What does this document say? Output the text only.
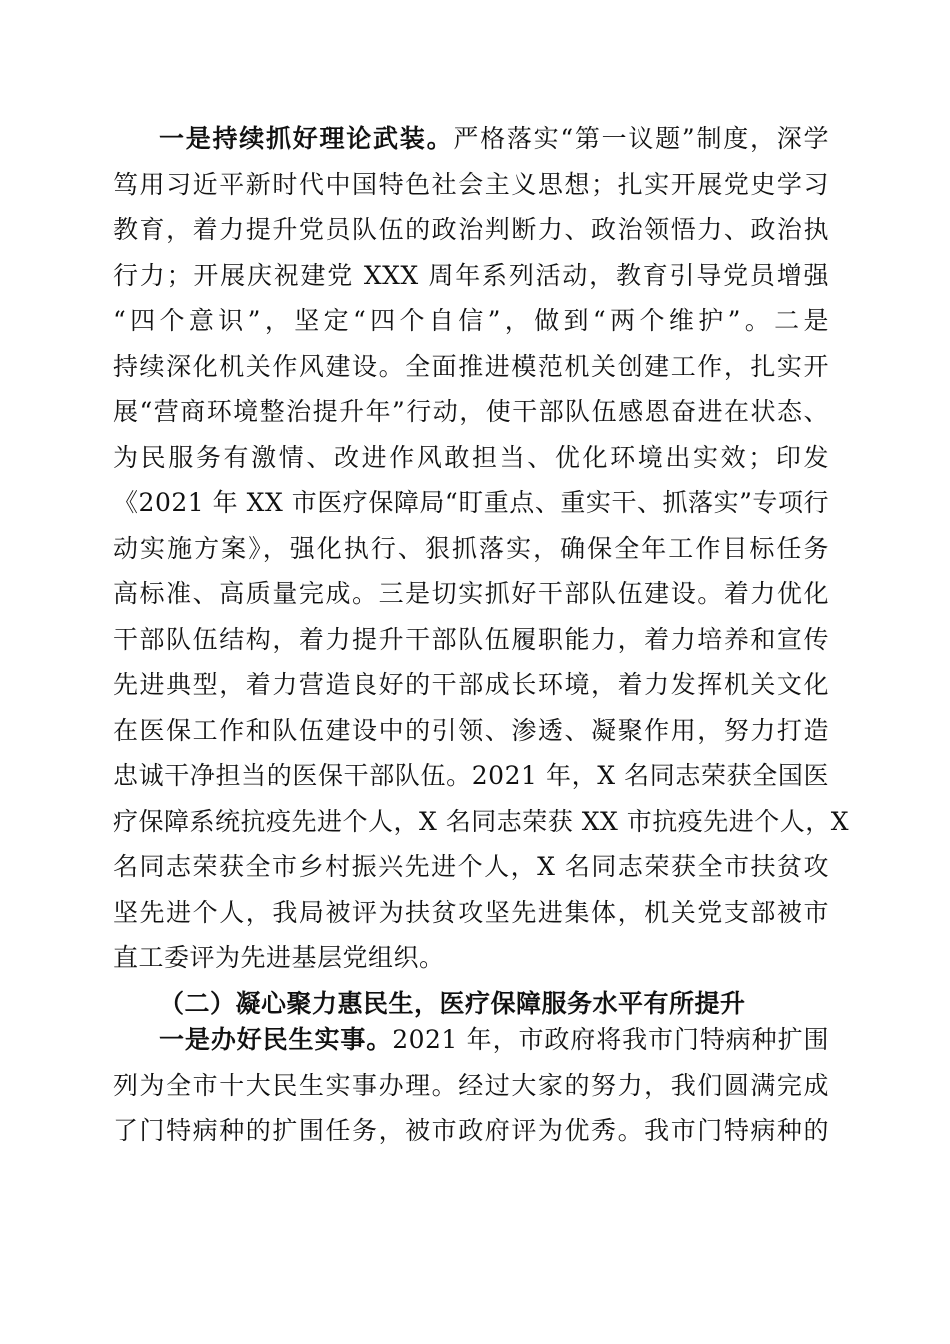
一是持续抓好理论武装。严格落实“第一议题”制度，深学
笃用习近平新时代中国特色社会主义思想；扎实开展党史学习
教育，着力提升党员队伍的政治判断力、政治领悟力、政治执
行力；开展庆祝建党 XXX 周年系列活动，教育引导党员增强
“四个意识”，坚定“四个自信”，做到“两个维护”。二是
持续深化机关作风建设。全面推进模范机关创建工作，扎实开
展“营商环境整治提升年”行动，使干部队伍感恩奋进在状态、
为民服务有激情、改进作风敢担当、优化环境出实效；印发
《2021 年 XX 市医疗保障局“盯重点、重实干、抓落实”专项行
动实施方案》，强化执行、狠抓落实，确保全年工作目标任务
高标准、高质量完成。三是切实抓好干部队伍建设。着力优化
干部队伍结构，着力提升干部队伍履职能力，着力培养和宣传
先进典型，着力营造良好的干部成长环境，着力发挥机关文化
在医保工作和队伍建设中的引领、渗透、凝聚作用，努力打造
忠诚干净担当的医保干部队伍。2021 年，X 名同志荣获全国医
疗保障系统抗疫先进个人，X 名同志荣获 XX 市抗疫先进个人，X
名同志荣获全市乡村振兴先进个人，X 名同志荣获全市扶贫攻
坚先进个人，我局被评为扶贫攻坚先进集体，机关党支部被市
直工委评为先进基层党组织。
（二）凝心聚力惠民生，医疗保障服务水平有所提升
一是办好民生实事。2021 年，市政府将我市门特病种扩围
列为全市十大民生实事办理。经过大家的努力，我们圆满完成
了门特病种的扩围任务，被市政府评为优秀。我市门特病种的
